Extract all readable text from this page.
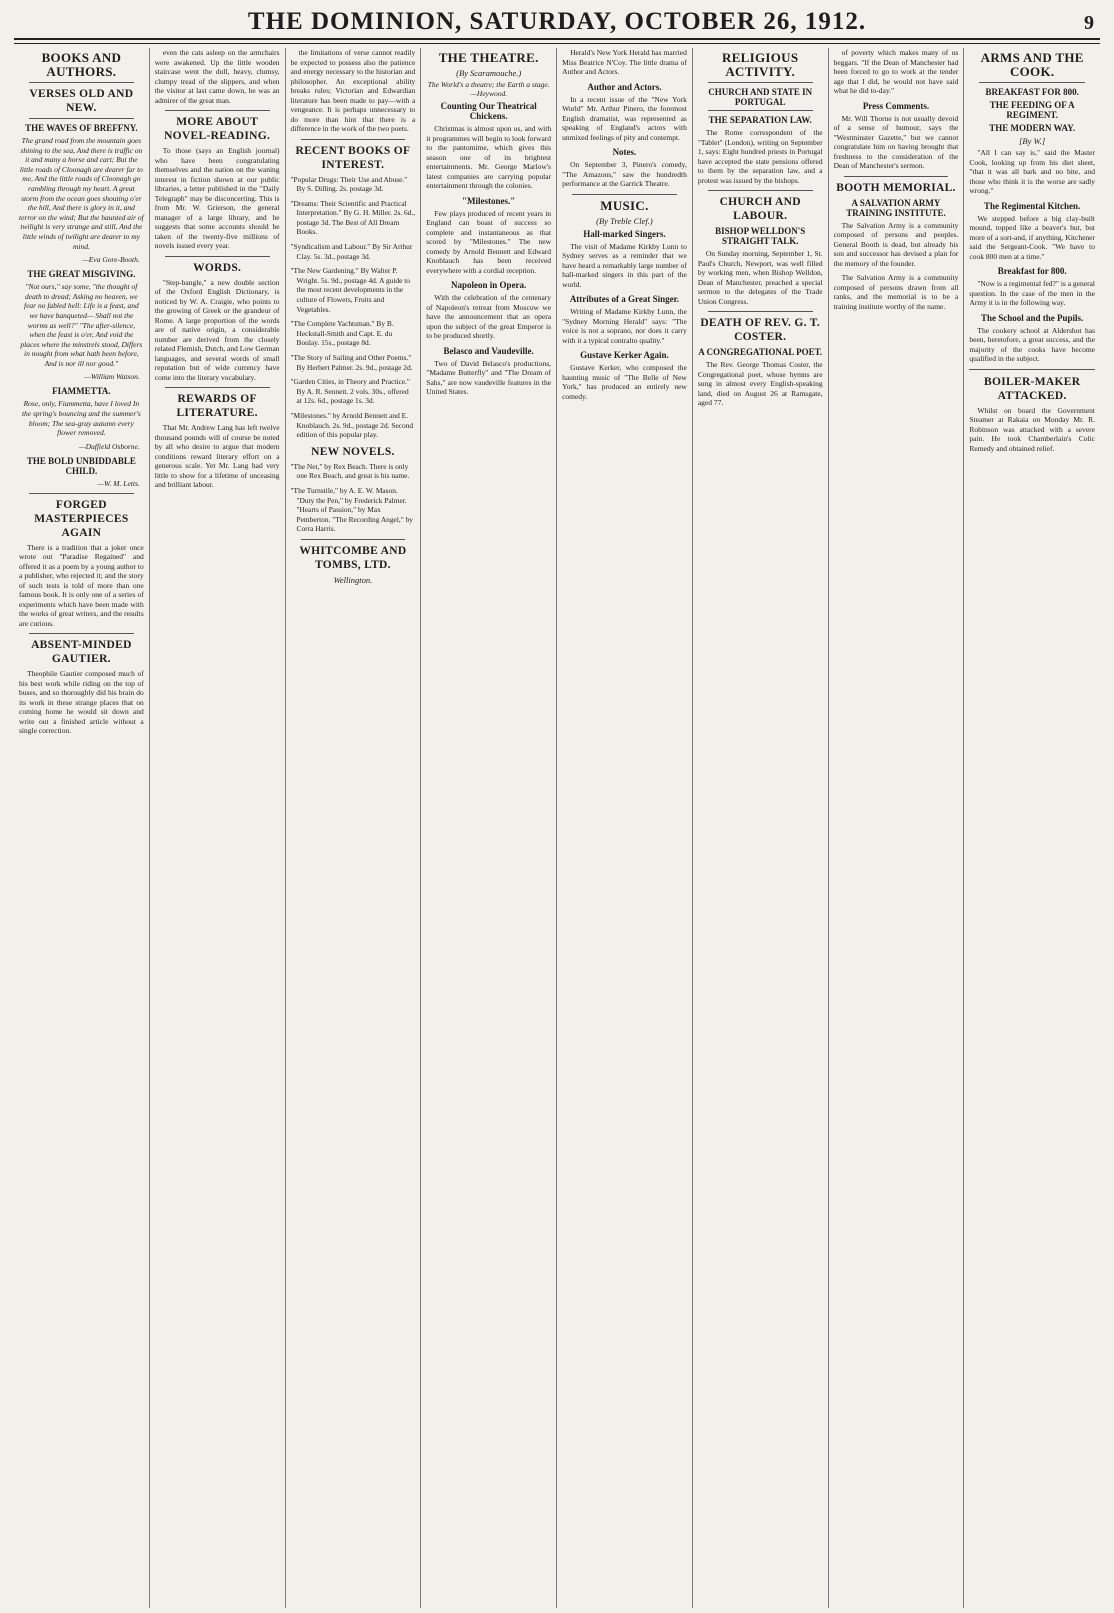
THE DOMINION, SATURDAY, OCTOBER 26, 1912.	9
BOOKS AND AUTHORS.
VERSES OLD AND NEW.
THE WAVES OF BREFFNY.
The grand road from the mountain goes shining to the sea, And there is traffic on it and many a horse and cart; But the little roads of Cloonagh are dearer far to me, And the little roads of Cloonagh go rambling through my heart. A great storm from the ocean goes shouting o'er the hill, And there is glory in it, and terror on the wind; But the haunted air of twilight is very strange and still, And the little winds of twilight are dearer to my mind.
—Eva Gore-Booth.
THE GREAT MISGIVING.
"Not ours," say some, "the thought of death to dread; Asking no heaven, we fear no fabled hell: Life is a feast, and we have banqueted— Shall not the worms as well?" "The after-silence, when the feast is o'er, And void the places where the minstrels stood, Differs in nought from what hath been before, And is nor ill nor good."
—William Watson.
FIAMMETTA.
Rose, only, Fiammetta, have I loved In the spring's bouncing and the summer's bloom; The sea-gray autumn every flower removed.
—Duffield Osborne.
THE BOLD UNBIDDABLE CHILD.
—W. M. Letts.
FORGED MASTERPIECES AGAIN
There is a tradition that a joker once wrote out "Paradise Regained" and offered it as a poem by a young author to a publisher, who rejected it; and the story of such tests is told of more than one famous book. It is only one of a series of experiments which have been made with the works of great writers, and the results are curious.
ABSENT-MINDED GAUTIER.
Theophile Gautier composed much of his best work while riding on the top of buses, and so thoroughly did his brain do its work in these strange places that on coming home he would sit down and write out a finished article without a single correction.
even the cats asleep on the armchairs were awakened. Up the little wooden staircase went the dull, heavy, clumsy, clumpy tread of the slippers, and when the visitor at last came down, he was an admirer of the great man.
MORE ABOUT NOVEL-READING.
To those (says an English journal) who have been congratulating themselves and the nation on the waning interest in fiction shown at our public libraries, a letter published in the "Daily Telegraph" may be disconcerting. This is from Mr. W. Grierson, the general manager of a large library, and he suggests that some accounts should be taken of the twenty-five millions of novels issued every year.
WORDS.
"Step-bangle," a new double section of the Oxford English Dictionary, is noticed by W. A. Craigie, who points to the growing of Greek or the grandeur of Rome. A large proportion of the words are of native origin, a considerable number are derived from the closely related Flemish, Dutch, and Low German languages, and several words of small reputation but of wide currency have come into the literary vocabulary.
REWARDS OF LITERATURE.
That Mr. Andrew Lang has left twelve thousand pounds will of course be noted by all who desire to argue that modern conditions reward literary effort on a generous scale. Yet Mr. Lang had very little to show for a lifetime of unceasing and brilliant labour.
the limitations of verse cannot readily be expected to possess also the patience and energy necessary to the historian and philosopher. An exceptional ability breaks rules; Victorian and Edwardian literature has been made to pay—with a vengeance. It is perhaps unnecessary to do more than hint that there is a difference in the work of the two poets.
RECENT BOOKS OF INTEREST.
"Popular Drugs: Their Use and Abuse." By S. Dilling. 2s. postage 3d.
"Dreams: Their Scientific and Practical Interpretation." By G. H. Miller. 2s. 6d., postage 3d. The Best of All Dream Books.
"Syndicalism and Labour." By Sir Arthur Clay. 5s. 3d., postage 3d.
"The New Gardening." By Walter P. Wright. 5s. 9d., postage 4d. A guide to the most recent developments in the culture of Flowers, Fruits and Vegetables.
"The Complete Yachtsman." By B. Heckstall-Smith and Capt. E. du Boulay. 15s., postage 8d.
"The Story of Sailing and Other Poems." By Herbert Palmer. 2s. 9d., postage 2d.
"Garden Cities, in Theory and Practice." By A. R. Sennett. 2 vols. 30s., offered at 12s. 6d., postage 1s. 3d.
"Milestones." by Arnold Bennett and E. Knoblauch. 2s. 9d., postage 2d. Second edition of this popular play.
NEW NOVELS.
"The Net," by Rex Beach. There is only one Rex Beach, and great is his name.
"The Turnstile," by A. E. W. Mason. "Duty the Pen," by Frederick Palmer. "Hearts of Passion," by Max Pemberton. "The Recording Angel," by Corra Harris.
WHITCOMBE AND TOMBS, LTD.
Wellington.
THE THEATRE.
(By Scaramouche.)
The World's a theatre; the Earth a stage.—Heywood.
Counting Our Theatrical Chickens.
Christmas is almost upon us, and with it programmes will begin to look forward to the pantomime, which gives this season one of its brightest entertainments. Mr. George Marlow's latest companies are carrying popular entertainment through the colonies.
"Milestones."
Few plays produced of recent years in England can boast of success so complete and instantaneous as that scored by "Milestones." The new comedy by Arnold Bennett and Edward Knoblauch has been received everywhere with a cordial reception.
Napoleon in Opera.
With the celebration of the centenary of Napoleon's retreat from Moscow we have the announcement that an opera upon the subject of the great Emperor is to be produced shortly.
Belasco and Vaudeville.
Two of David Belasco's productions, "Madame Butterfly" and "The Dream of Sahs," are now vaudeville features in the United States.
Herald's New York Herald has married Miss Beatrice N'Coy. The little drama of Author and Actors.
Author and Actors.
In a recent issue of the "New York World" Mr. Arthur Pinero, the foremost English dramatist, was represented as speaking of England's actors with unmixed feelings of pity and contempt.
Notes.
On September 3, Pinero's comedy, "The Amazons," saw the hundredth performance at the Garrick Theatre.
MUSIC.
(By Treble Clef.)
Hall-marked Singers.
The visit of Madame Kirkby Lunn to Sydney serves as a reminder that we have heard a remarkably large number of hall-marked singers in this part of the world.
Attributes of a Great Singer.
Writing of Madame Kirkby Lunn, the "Sydney Morning Herald" says: "The voice is not a soprano, nor does it carry with it a typical contralto quality."
Gustave Kerker Again.
Gustave Kerker, who composed the haunting music of "The Belle of New York," has produced an entirely new comedy.
RELIGIOUS ACTIVITY.
CHURCH AND STATE IN PORTUGAL
THE SEPARATION LAW.
The Rome correspondent of the "Tablet" (London), writing on September 1, says: Eight hundred priests in Portugal have accepted the state pensions offered to them by the separation law, and a protest was issued by the bishops.
CHURCH AND LABOUR.
BISHOP WELLDON'S STRAIGHT TALK.
On Sunday morning, September 1, St. Paul's Church, Newport, was well filled by working men, when Bishop Welldon, Dean of Manchester, preached a special sermon to the delegates of the Trade Union Congress.
DEATH OF REV. G. T. COSTER.
A CONGREGATIONAL POET.
The Rev. George Thomas Coster, the Congregational poet, whose hymns are sung in almost every English-speaking land, died on August 26 at Ramsgate, aged 77.
of poverty which makes many of us beggars. "If the Dean of Manchester had been forced to go to work at the tender age that I did, he would not have said what he did to-day."
Press Comments.
Mr. Will Thorne is not usually devoid of a sense of humour, says the "Westminster Gazette," but we cannot congratulate him on having brought that freshness to the consideration of the Dean of Manchester's sermon.
BOOTH MEMORIAL.
A SALVATION ARMY TRAINING INSTITUTE.
The Salvation Army is a community composed of persons and peoples. General Booth is dead, but already his son and successor has devised a plan for the memory of the founder.
The Salvation Army is a community composed of persons drawn from all ranks, and the memorial is to be a training institute worthy of the name.
ARMS AND THE COOK.
BREAKFAST FOR 800.
THE FEEDING OF A REGIMENT.
THE MODERN WAY.
[By W.]
"All I can say is," said the Master Cook, looking up from his diet sheet, "that it was all bark and no bite, and those who think it is the worse are sadly wrong."
The Regimental Kitchen.
We stepped before a big clay-built mound, topped like a beaver's hut, but more of a sort-and, if anything, Kitchener said the Sergeant-Cook. "We have to cook 800 men at a time."
Breakfast for 800.
"Now is a regimental fed?" is a general question. In the case of the men in the Army it is in the following way.
The School and the Pupils.
The cookery school at Aldershot has been, heretofore, a great success, and the majority of the cooks have become qualified in the subject.
BOILER-MAKER ATTACKED.
Whilst on board the Government Steamer at Rakaia on Monday Mr. R. Robinson was attacked with a severe pain. He took Chamberlain's Colic Remedy and obtained relief.
